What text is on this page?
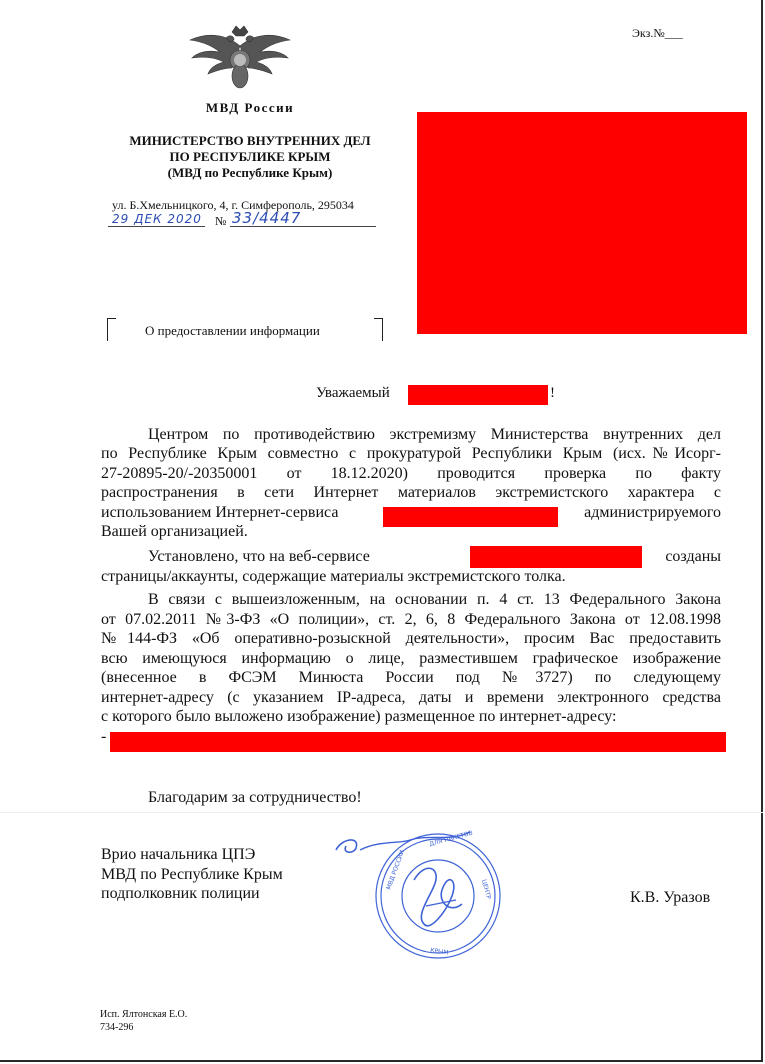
Экз.№___
МВД России
МИНИСТЕРСТВО ВНУТРЕННИХ ДЕЛ
ПО РЕСПУБЛИКЕ КРЫМ
(МВД по Республике Крым)
ул. Б.Хмельницкого, 4, г. Симферополь, 295034
29 ДЕК 2020 № 33/4447
О предоставлении информации
Уважаемый	!
Центром по противодействию экстремизму Министерства внутренних дел
по Республике Крым совместно с прокуратурой Республики Крым (исх.№Исорг-
27-20895-20/-20350001 от 18.12.2020) проводится проверка по факту
распространения в сети Интернет материалов экстремистского характера с
использованием Интернет-сервиса	администрируемого
Вашей организацией.
Установлено, что на веб-сервисе	созданы
страницы/аккаунты, содержащие материалы экстремистского толка.
В связи с вышеизложенным, на основании п. 4 ст. 13 Федерального Закона
от 07.02.2011 №3-ФЗ «О полиции», ст. 2, 6, 8 Федерального Закона от 12.08.1998
№144-ФЗ «Об оперативно-розыскной деятельности», просим Вас предоставить
всю имеющуюся информацию о лице, разместившем графическое изображение
(внесенное в ФСЭМ Минюста России под №3727) по следующему
интернет-адресу (с указанием IP-адреса, даты и времени электронного средства
с которого было выложено изображение) размещенное по интернет-адресу:
-
Благодарим за сотрудничество!
Врио начальника ЦПЭ
МВД по Республике Крым
подполковник полиции
ДЛЯ ПАКЕТОВ
МВД РОССИИ	ЦЕНТР
КРЫМ
К.В. Уразов
Исп. Ялтонская Е.О.
734-296
